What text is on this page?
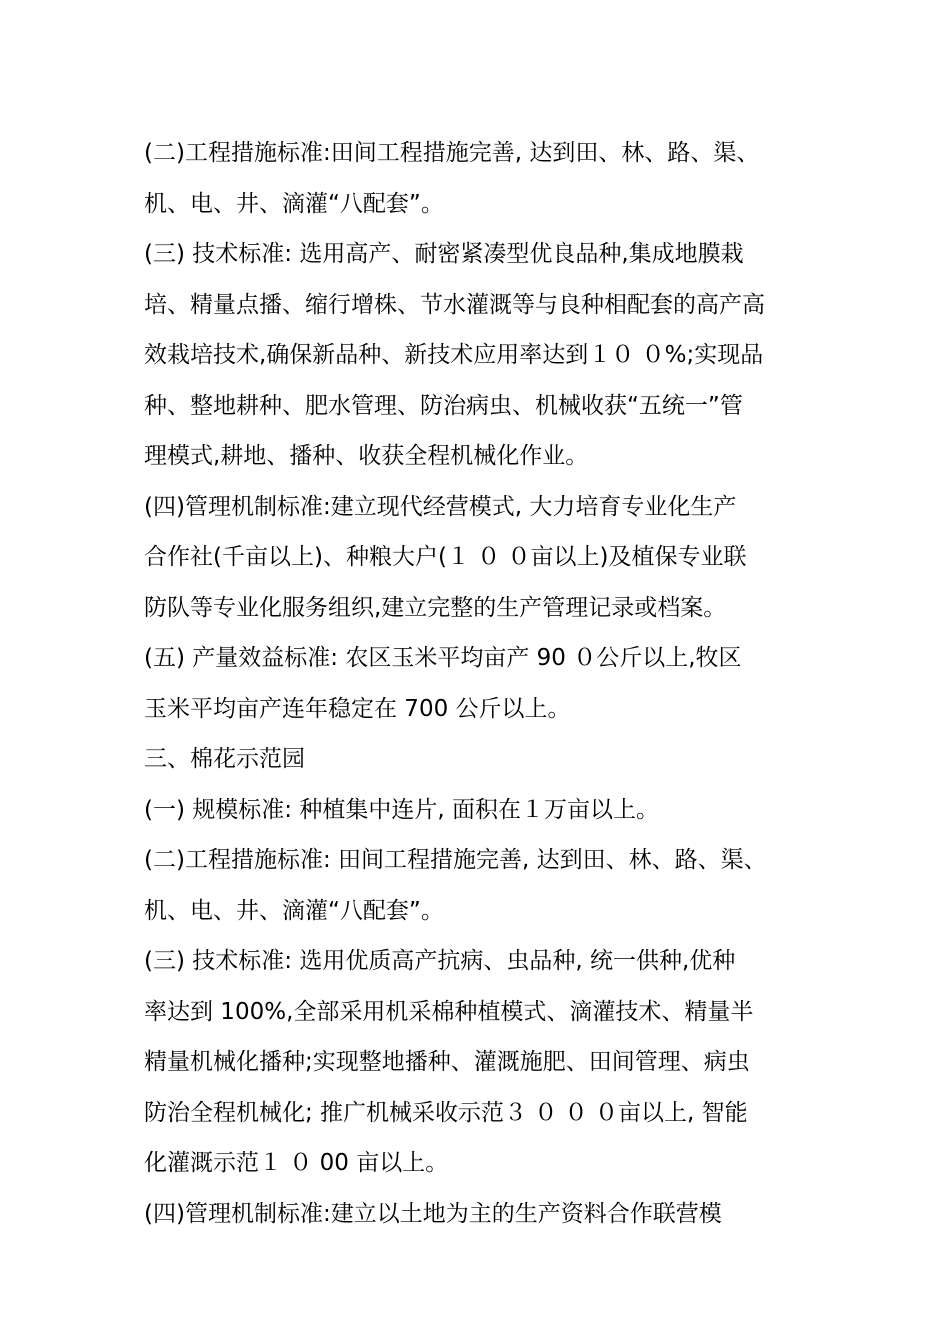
(二)工程措施标准:田间工程措施完善, 达到田、林、路、渠、
机、电、井、滴灌“八配套”。
(三) 技术标准: 选用高产、耐密紧凑型优良品种,集成地膜栽
培、精量点播、缩行增株、节水灌溉等与良种相配套的高产高
效栽培技术,确保新品种、新技术应用率达到１０ ０%;实现品
种、整地耕种、肥水管理、防治病虫、机械收获“五统一”管
理模式,耕地、播种、收获全程机械化作业。
(四)管理机制标准:建立现代经营模式, 大力培育专业化生产
合作社(千亩以上)、种粮大户(１ ０ ０亩以上)及植保专业联
防队等专业化服务组织,建立完整的生产管理记录或档案。
(五) 产量效益标准: 农区玉米平均亩产 90 ０公斤以上,牧区
玉米平均亩产连年稳定在 700 公斤以上。
三、棉花示范园
(一) 规模标准: 种植集中连片, 面积在１万亩以上。
(二)工程措施标准: 田间工程措施完善, 达到田、林、路、渠、
机、电、井、滴灌“八配套”。
(三) 技术标准: 选用优质高产抗病、虫品种, 统一供种,优种
率达到 100%,全部采用机采棉种植模式、滴灌技术、精量半
精量机械化播种;实现整地播种、灌溉施肥、田间管理、病虫
防治全程机械化; 推广机械采收示范３ ０ ０ ０亩以上, 智能
化灌溉示范１ ０ 00 亩以上。
(四)管理机制标准:建立以土地为主的生产资料合作联营模
